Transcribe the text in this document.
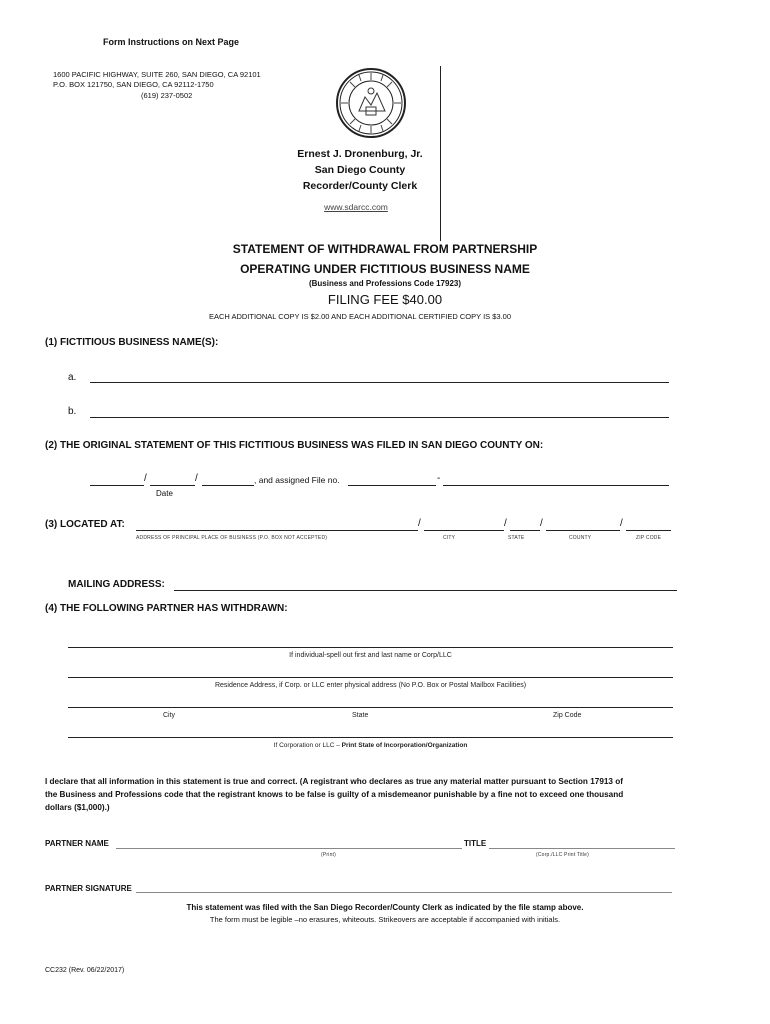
Form Instructions on Next Page
1600 PACIFIC HIGHWAY, SUITE 260, SAN DIEGO, CA 92101
P.O. BOX 121750, SAN DIEGO, CA 92112-1750
(619) 237-0502
Ernest J. Dronenburg, Jr.
San Diego County
Recorder/County Clerk
www.sdarcc.com
STATEMENT OF WITHDRAWAL FROM PARTNERSHIP
OPERATING UNDER FICTITIOUS BUSINESS NAME
(Business and Professions Code 17923)
FILING FEE $40.00
EACH ADDITIONAL COPY IS $2.00 AND EACH ADDITIONAL CERTIFIED COPY IS $3.00
(1) FICTITIOUS BUSINESS NAME(S):
a.
b.
(2) THE ORIGINAL STATEMENT OF THIS FICTITIOUS BUSINESS WAS FILED IN SAN DIEGO COUNTY ON:
/	/	, and assigned File no.	-
Date
(3) LOCATED AT:	/	/	/	/
ADDRESS OF PRINCIPAL PLACE OF BUSINESS (P.O. BOX NOT ACCEPTED)	CITY	STATE	COUNTY	ZIP CODE
MAILING ADDRESS:
(4) THE FOLLOWING PARTNER HAS WITHDRAWN:
If individual-spell out first and last name or Corp/LLC
Residence Address, if Corp. or LLC enter physical address (No P.O. Box or Postal Mailbox Facilities)
City	State	Zip Code
If Corporation or LLC – Print State of Incorporation/Organization
I declare that all information in this statement is true and correct. (A registrant who declares as true any material matter pursuant to Section 17913 of
the Business and Professions code that the registrant knows to be false is guilty of a misdemeanor punishable by a fine not to exceed one thousand
dollars ($1,000).)
PARTNER NAME	TITLE
(Print)	(Corp./LLC Print Title)
PARTNER SIGNATURE
This statement was filed with the San Diego Recorder/County Clerk as indicated by the file stamp above.
The form must be legible –no erasures, whiteouts. Strikeovers are acceptable if accompanied with initials.
CC232 (Rev. 06/22/2017)
